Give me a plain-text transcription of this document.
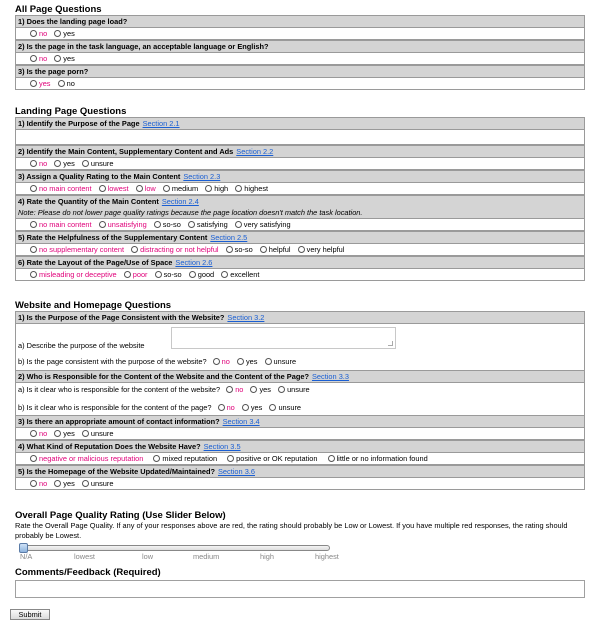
All Page Questions
1) Does the landing page load?
no yes
2) Is the page in the task language, an acceptable language or English?
no yes
3) Is the page porn?
yes no
Landing Page Questions
1) Identify the Purpose of the Page Section 2.1
2) Identify the Main Content, Supplementary Content and Ads Section 2.2
no yes unsure
3) Assign a Quality Rating to the Main Content Section 2.3
no main content lowest low medium high highest
4) Rate the Quantity of the Main Content Section 2.4
Note: Please do not lower page quality ratings because the page location doesn't match the task location.
no main content unsatisfying so-so satisfying very satisfying
5) Rate the Helpfulness of the Supplementary Content Section 2.5
no supplementary content distracting or not helpful so-so helpful very helpful
6) Rate the Layout of the Page/Use of Space Section 2.6
misleading or deceptive poor so-so good excellent
Website and Homepage Questions
1) Is the Purpose of the Page Consistent with the Website? Section 3.2
a) Describe the purpose of the website
b) Is the page consistent with the purpose of the website? no yes unsure
2) Who is Responsible for the Content of the Website and the Content of the Page? Section 3.3
a) Is it clear who is responsible for the content of the website? no yes unsure
b) Is it clear who is responsible for the content of the page? no yes unsure
3) Is there an appropriate amount of contact information? Section 3.4
no yes unsure
4) What Kind of Reputation Does the Website Have? Section 3.5
negative or malicious reputation	mixed reputation	positive or OK reputation	little or no information found
5) Is the Homepage of the Website Updated/Maintained? Section 3.6
no yes unsure
Overall Page Quality Rating (Use Slider Below)
Rate the Overall Page Quality. If any of your responses above are red, the rating should probably be Low or Lowest. If you have multiple red responses, the rating should probably be Lowest.
N/A	lowest	low	medium	high	highest
Comments/Feedback (Required)
Submit
